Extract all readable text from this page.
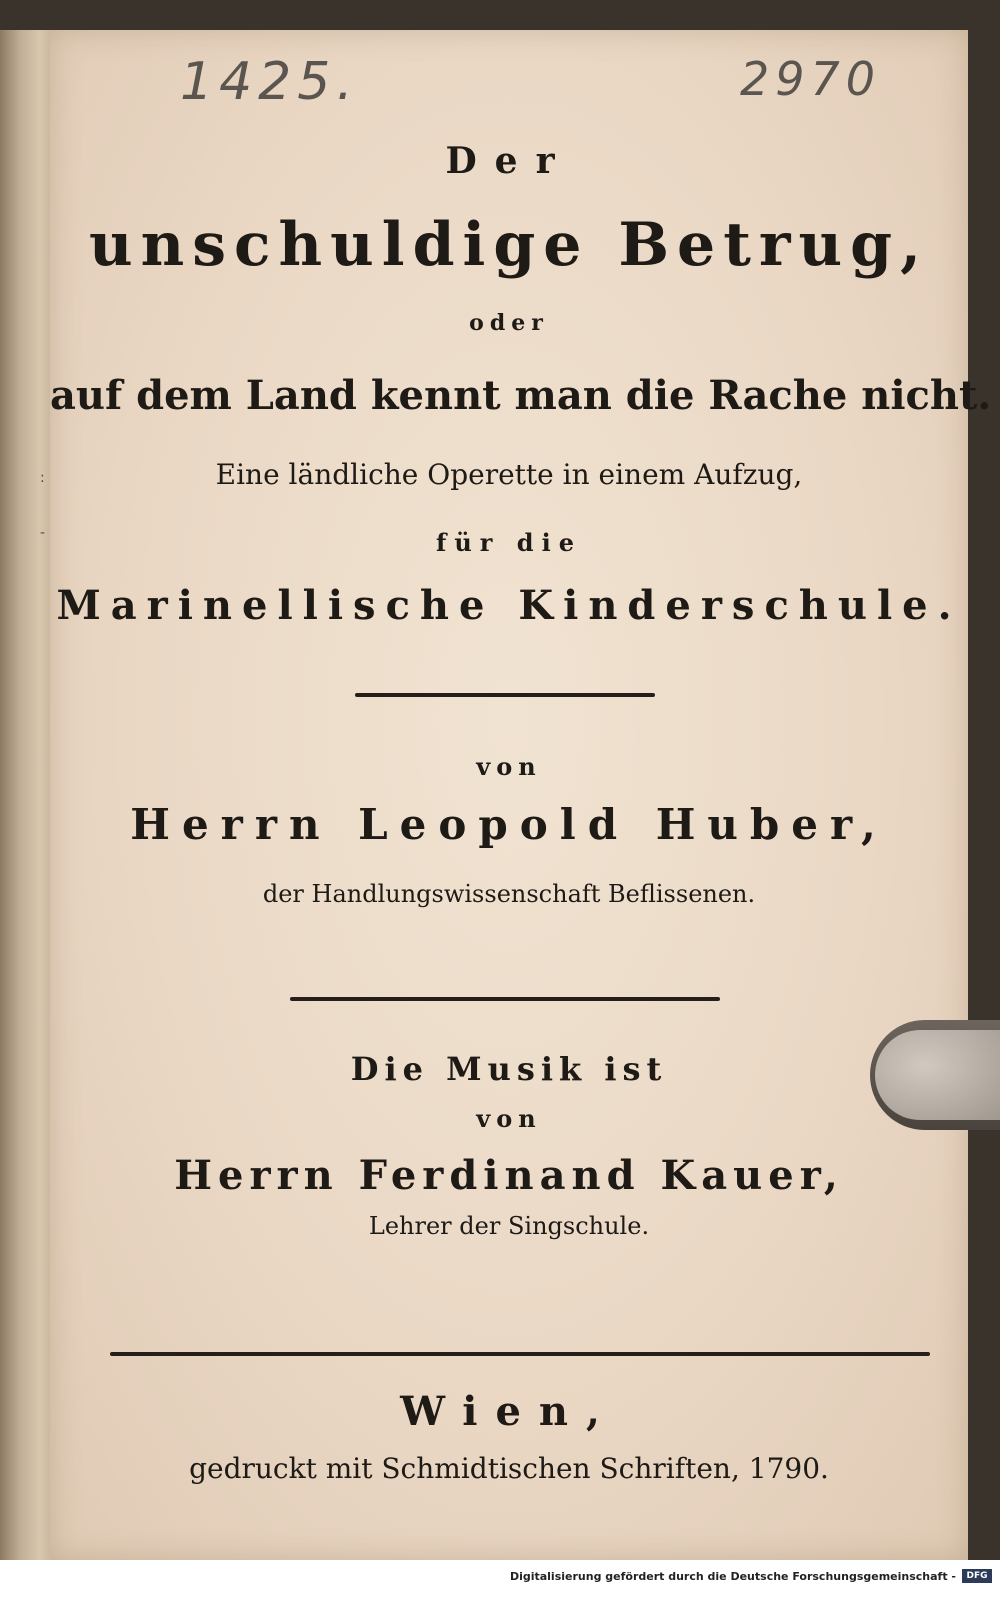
:
-
1425.	2970
Der
unschuldige Betrug,
oder
auf dem Land kennt man die Rache nicht.
Eine ländliche Operette in einem Aufzug,
für die
Marinellische Kinderschule.
von
Herrn Leopold Huber,
der Handlungswissenschaft Beflissenen.
Die Musik ist
von
Herrn Ferdinand Kauer,
Lehrer der Singschule.
Wien,
gedruckt mit Schmidtischen Schriften, 1790.
Digitalisierung gefördert durch die Deutsche Forschungsgemeinschaft -	DFG
